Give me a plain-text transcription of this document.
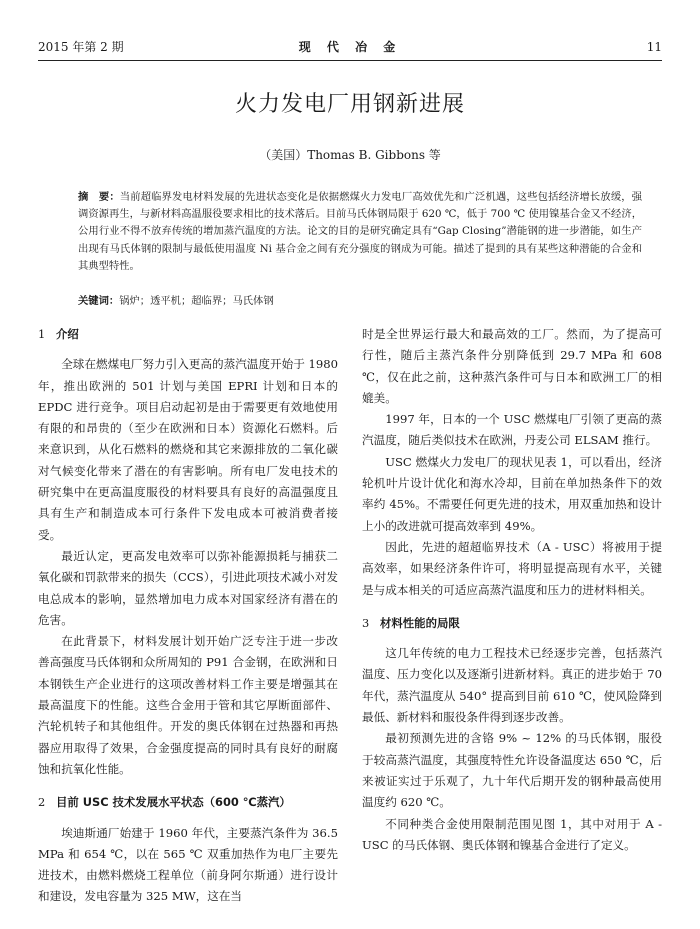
2015 年第 2 期	现 代 冶 金	11
火力发电厂用钢新进展
（美国）Thomas B. Gibbons 等
摘　要：当前超临界发电材料发展的先进状态变化是依据燃煤火力发电厂高效优先和广泛机遇，这些包括经济增长放缓，强调资源再生，与新材料高温服役要求相比的技术落后。目前马氏体钢局限于 620 ℃，低于 700 ℃ 使用镍基合金又不经济，公用行业不得不放弃传统的增加蒸汽温度的方法。论文的目的是研究确定具有“Gap Closing”潜能钢的进一步潜能，如生产出现有马氏体钢的限制与最低使用温度 Ni 基合金之间有充分强度的钢成为可能。描述了提到的具有某些这种潜能的合金和其典型特性。
关键词：锅炉；透平机；超临界；马氏体钢
1 介绍

全球在燃煤电厂努力引入更高的蒸汽温度开始于 1980 年，推出欧洲的 501 计划与美国 EPRI 计划和日本的 EPDC 进行竞争。项目启动起初是由于需要更有效地使用有限的和昂贵的（至少在欧洲和日本）资源化石燃料。后来意识到，从化石燃料的燃烧和其它来源排放的二氧化碳对气候变化带来了潜在的有害影响。所有电厂发电技术的研究集中在更高温度服役的材料要具有良好的高温强度且具有生产和制造成本可行条件下发电成本可被消费者接受。

最近认定，更高发电效率可以弥补能源损耗与捕获二氧化碳和罚款带来的损失（CCS），引进此项技术减小对发电总成本的影响，显然增加电力成本对国家经济有潜在的危害。

在此背景下，材料发展计划开始广泛专注于进一步改善高强度马氏体钢和众所周知的 P91 合金钢，在欧洲和日本钢铁生产企业进行的这项改善材料工作主要是增强其在最高温度下的性能。这些合金用于管和其它厚断面部件、汽轮机转子和其他组件。开发的奥氏体钢在过热器和再热器应用取得了效果，合金强度提高的同时具有良好的耐腐蚀和抗氧化性能。

2 目前 USC 技术发展水平状态（600 ℃蒸汽）

埃迪斯通厂始建于 1960 年代，主要蒸汽条件为 36.5 MPa 和 654 ℃，以在 565 ℃ 双重加热作为电厂主要先进技术，由燃料燃烧工程单位（前身阿尔斯通）进行设计和建设，发电容量为 325 MW，这在当

时是全世界运行最大和最高效的工厂。然而，为了提高可行性，随后主蒸汽条件分别降低到 29.7 MPa 和 608 ℃，仅在此之前，这种蒸汽条件可与日本和欧洲工厂的相媲美。

1997 年，日本的一个 USC 燃煤电厂引领了更高的蒸汽温度，随后类似技术在欧洲，丹麦公司 ELSAM 推行。

USC 燃煤火力发电厂的现状见表 1，可以看出，经济轮机叶片设计优化和海水冷却，目前在单加热条件下的效率约 45%。不需要任何更先进的技术，用双重加热和设计上小的改进就可提高效率到 49%。

因此，先进的超超临界技术（A - USC）将被用于提高效率，如果经济条件许可，将明显提高现有水平，关键是与成本相关的可适应高蒸汽温度和压力的进材料相关。

3 材料性能的局限

这几年传统的电力工程技术已经逐步完善，包括蒸汽温度、压力变化以及逐渐引进新材料。真正的进步始于 70 年代，蒸汽温度从 540° 提高到目前 610 ℃，使风险降到最低、新材料和服役条件得到逐步改善。

最初预测先进的含铬 9% ~ 12% 的马氏体钢，服役于较高蒸汽温度，其强度特性允许设备温度达 650 ℃，后来被证实过于乐观了，九十年代后期开发的钢种最高使用温度约 620 ℃。

不同种类合金使用限制范围见图 1，其中对用于 A - USC 的马氏体钢、奥氏体钢和镍基合金进行了定义。
